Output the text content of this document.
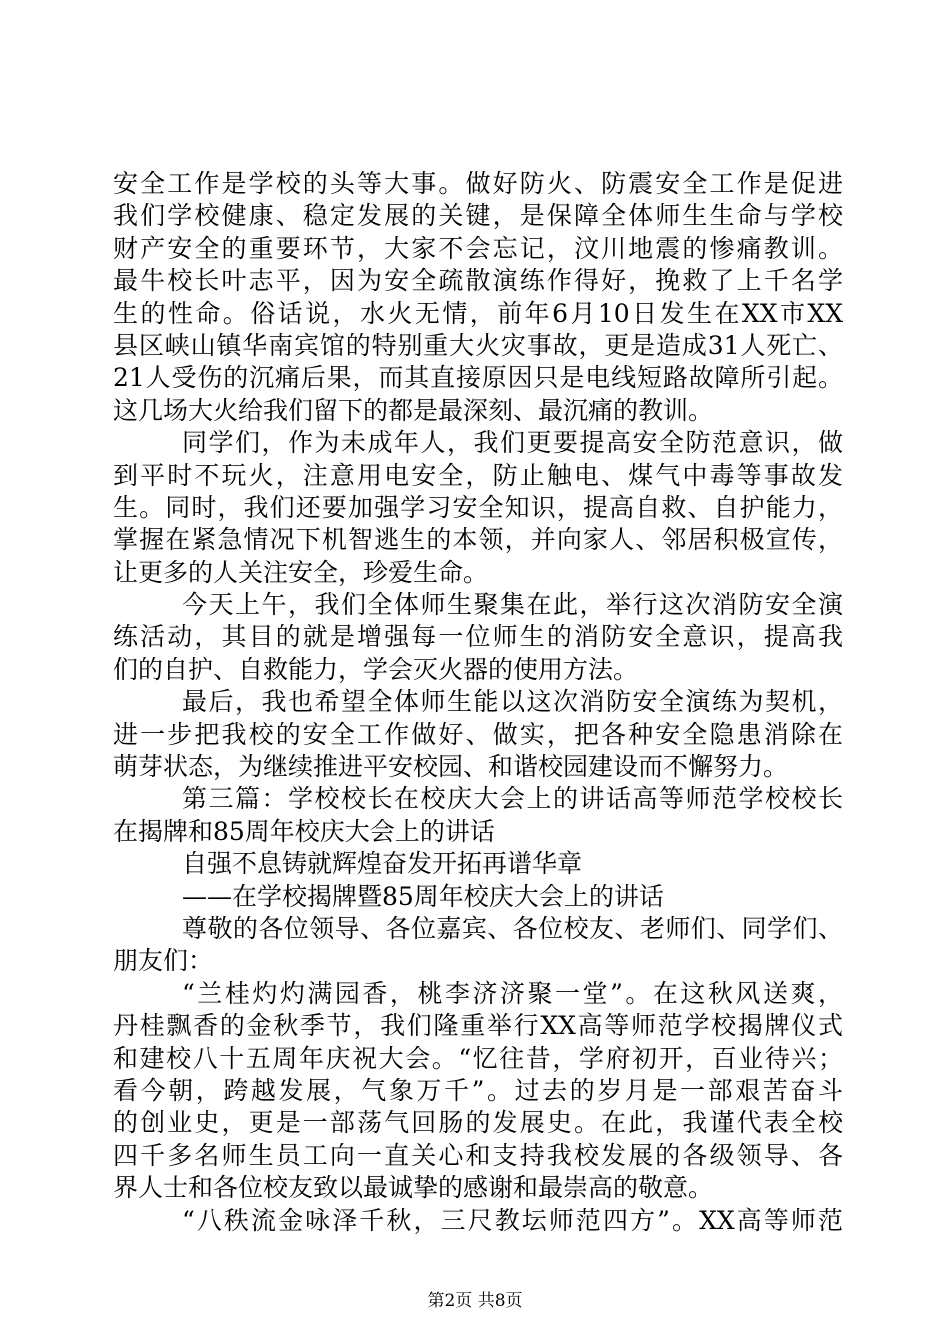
安全工作是学校的头等大事。做好防火、防震安全工作是促进
我们学校健康、稳定发展的关键，是保障全体师生生命与学校
财产安全的重要环节，大家不会忘记，汶川地震的惨痛教训。
最牛校长叶志平，因为安全疏散演练作得好，挽救了上千名学
生的性命。俗话说，水火无情，前年6月10日发生在XX市XX
县区峡山镇华南宾馆的特别重大火灾事故，更是造成31人死亡、
21人受伤的沉痛后果，而其直接原因只是电线短路故障所引起。
这几场大火给我们留下的都是最深刻、最沉痛的教训。
同学们，作为未成年人，我们更要提高安全防范意识，做
到平时不玩火，注意用电安全，防止触电、煤气中毒等事故发
生。同时，我们还要加强学习安全知识，提高自救、自护能力，
掌握在紧急情况下机智逃生的本领，并向家人、邻居积极宣传，
让更多的人关注安全，珍爱生命。
今天上午，我们全体师生聚集在此，举行这次消防安全演
练活动，其目的就是增强每一位师生的消防安全意识，提高我
们的自护、自救能力，学会灭火器的使用方法。
最后，我也希望全体师生能以这次消防安全演练为契机，
进一步把我校的安全工作做好、做实，把各种安全隐患消除在
萌芽状态，为继续推进平安校园、和谐校园建设而不懈努力。
第三篇：学校校长在校庆大会上的讲话高等师范学校校长
在揭牌和85周年校庆大会上的讲话
自强不息铸就辉煌奋发开拓再谱华章
——在学校揭牌暨85周年校庆大会上的讲话
尊敬的各位领导、各位嘉宾、各位校友、老师们、同学们、
朋友们：
“兰桂灼灼满园香，桃李济济聚一堂”。在这秋风送爽，
丹桂飘香的金秋季节，我们隆重举行XX高等师范学校揭牌仪式
和建校八十五周年庆祝大会。“忆往昔，学府初开，百业待兴；
看今朝，跨越发展，气象万千”。过去的岁月是一部艰苦奋斗
的创业史，更是一部荡气回肠的发展史。在此，我谨代表全校
四千多名师生员工向一直关心和支持我校发展的各级领导、各
界人士和各位校友致以最诚挚的感谢和最崇高的敬意。
“八秩流金咏泽千秋，三尺教坛师范四方”。XX高等师范
第2页 共8页
